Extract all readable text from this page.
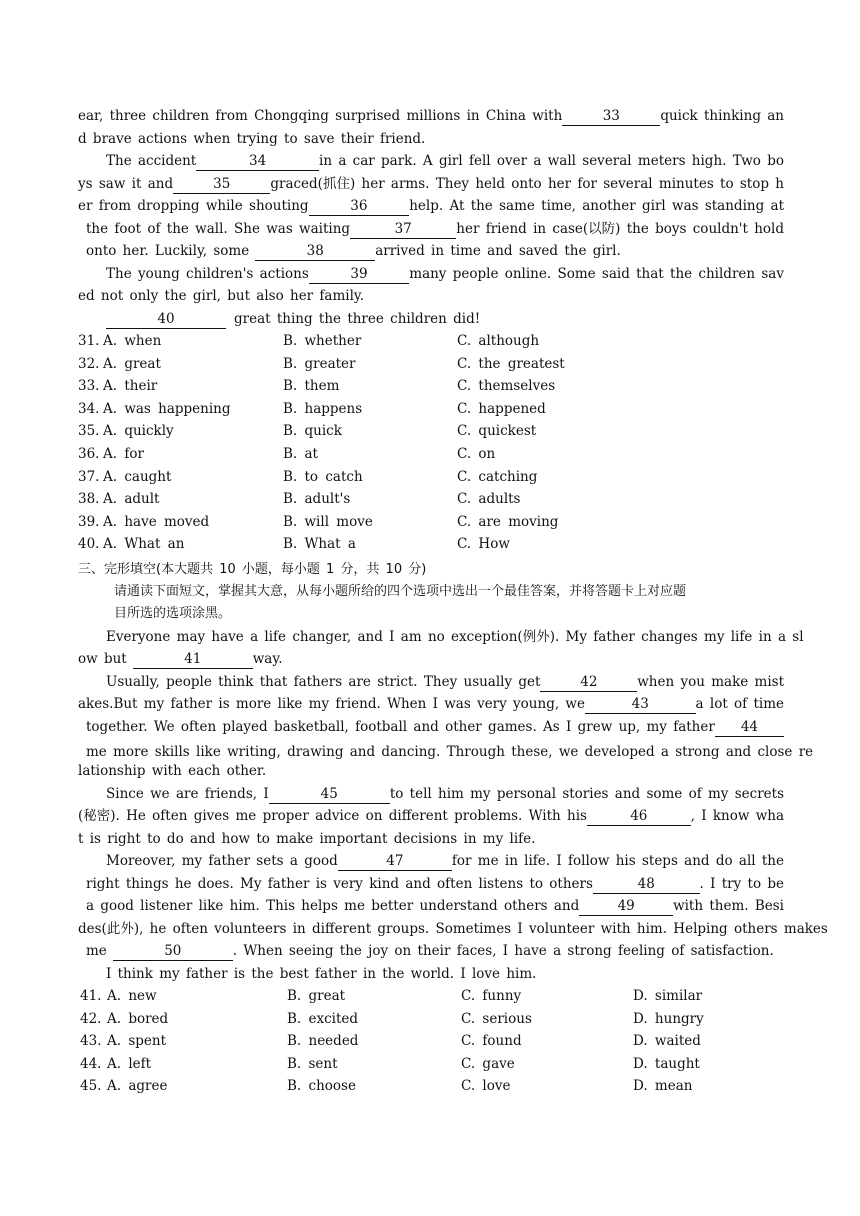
ear, three children from Chongqing surprised millions in China with	33	quick thinking an
d brave actions when trying to save their friend.
The accident	34	in a car park. A girl fell over a wall several meters high. Two bo
ys saw it and	35	graced(抓住) her arms. They held onto her for several minutes to stop h
er from dropping while shouting	36	help. At the same time, another girl was standing at
the foot of the wall. She was waiting	37	her friend in case(以防) the boys couldn't hold
onto her. Luckily, some	38	arrived in time and saved the girl.
The young children's actions	39	many people online. Some said that the children sav
ed not only the girl, but also her family.
40	great thing the three children did!
31. A. when	B. whether	C. although
32. A. great	B. greater	C. the greatest
33. A. their	B. them	C. themselves
34. A. was happening	B. happens	C. happened
35. A. quickly	B. quick	C. quickest
36. A. for	B. at	C. on
37. A. caught	B. to catch	C. catching
38. A. adult	B. adult's	C. adults
39. A. have moved	B. will move	C. are moving
40. A. What an	B. What a	C. How
三、完形填空(本大题共 10 小题，每小题 1 分，共 10 分)
请通读下面短文，掌握其大意，从每小题所给的四个选项中选出一个最佳答案，并将答题卡上对应题
目所选的选项涂黑。
Everyone may have a life changer, and I am no exception(例外). My father changes my life in a sl
ow but	41	way.
Usually, people think that fathers are strict. They usually get	42	when you make mist
akes.But my father is more like my friend. When I was very young, we	43	a lot of time
together. We often played basketball, football and other games. As I grew up, my father	44
me more skills like writing, drawing and dancing. Through these, we developed a strong and close re
lationship with each other.
Since we are friends, I	45	to tell him my personal stories and some of my secrets
(秘密). He often gives me proper advice on different problems. With his	46	, I know wha
t is right to do and how to make important decisions in my life.
Moreover, my father sets a good	47	for me in life. I follow his steps and do all the
right things he does. My father is very kind and often listens to others	48	. I try to be
a good listener like him. This helps me better understand others and	49	with them. Besi
des(此外), he often volunteers in different groups. Sometimes I volunteer with him. Helping others makes
me	50	. When seeing the joy on their faces, I have a strong feeling of satisfaction.
I think my father is the best father in the world. I love him.
41. A. new	B. great	C. funny	D. similar
42. A. bored	B. excited	C. serious	D. hungry
43. A. spent	B. needed	C. found	D. waited
44. A. left	B. sent	C. gave	D. taught
45. A. agree	B. choose	C. love	D. mean
